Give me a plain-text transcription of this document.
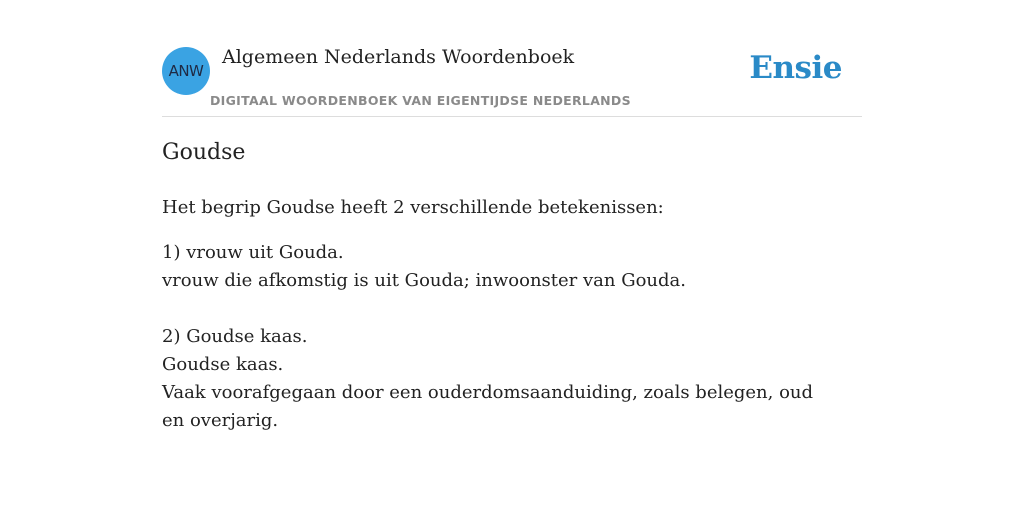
ANW
Algemeen Nederlands Woordenboek
DIGITAAL WOORDENBOEK VAN EIGENTIJDSE NEDERLANDS
Ensie
Goudse

Het begrip Goudse heeft 2 verschillende betekenissen:

1) vrouw uit Gouda.
vrouw die afkomstig is uit Gouda; inwoonster van Gouda.
2) Goudse kaas.
Goudse kaas.
Vaak voorafgegaan door een ouderdomsaanduiding, zoals belegen, oud en overjarig.
